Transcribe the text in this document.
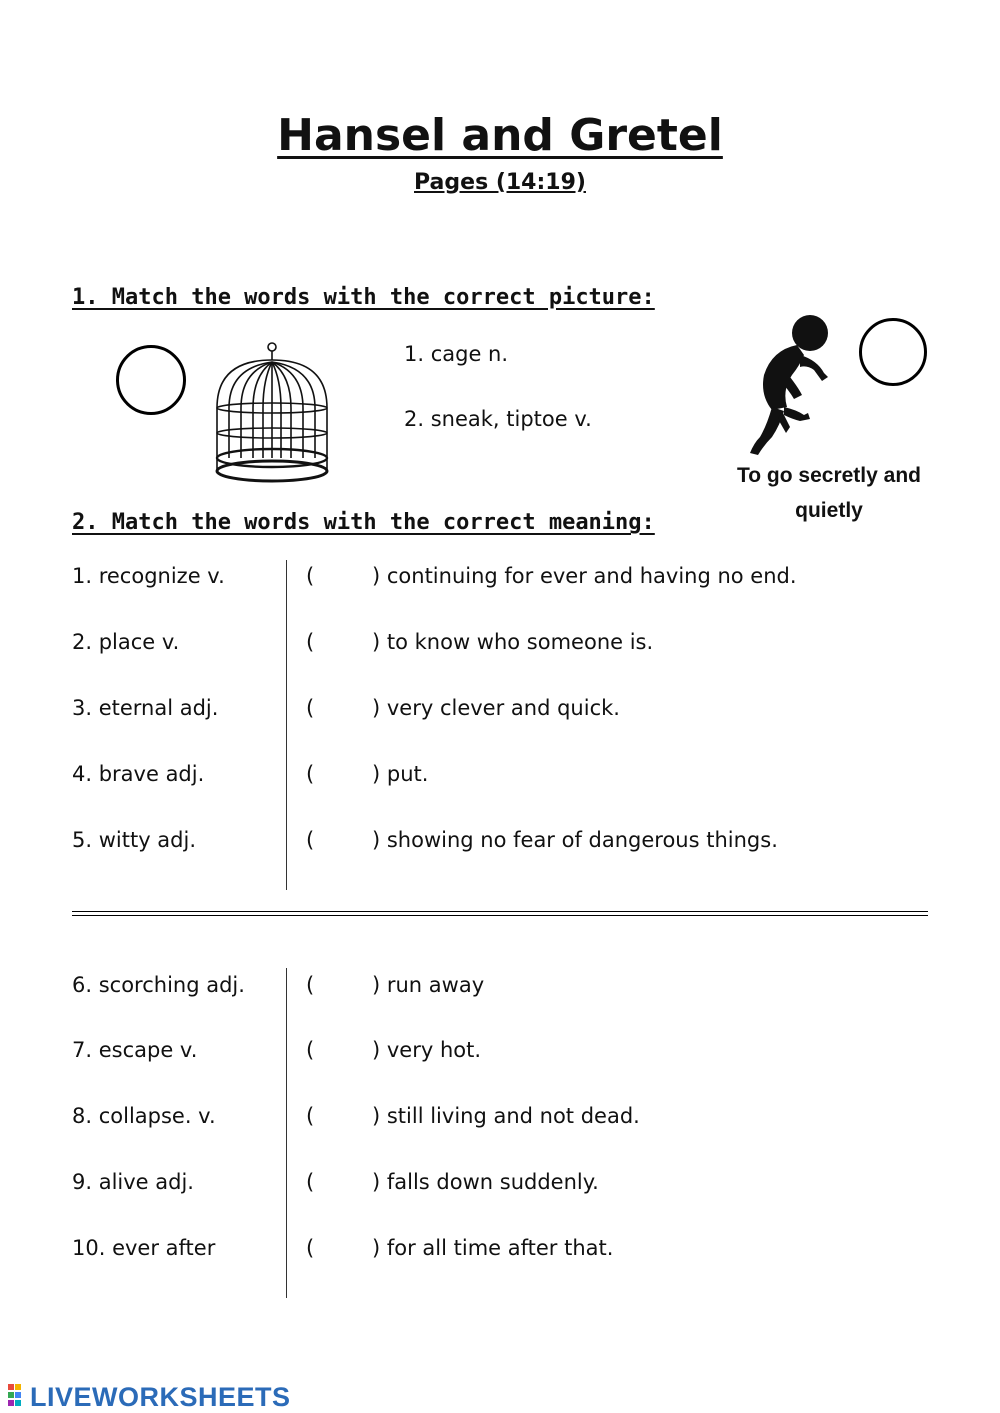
Hansel and Gretel
Pages (14:19)
1. Match the words with the correct picture:
1. cage n.
2. sneak, tiptoe v.
To go secretly and quietly
2. Match the words with the correct meaning:
1. recognize v.	(	) continuing for ever and having no end.
2. place v.	(	) to know who someone is.
3. eternal adj.	(	) very clever and quick.
4. brave adj.	(	) put.
5. witty adj.	(	) showing no fear of dangerous things.
6. scorching adj.	(	) run away
7. escape v.	(	) very hot.
8. collapse. v.	(	) still living and not dead.
9. alive adj.	(	) falls down suddenly.
10. ever after	(	) for all time after that.
LIVEWORKSHEETS
